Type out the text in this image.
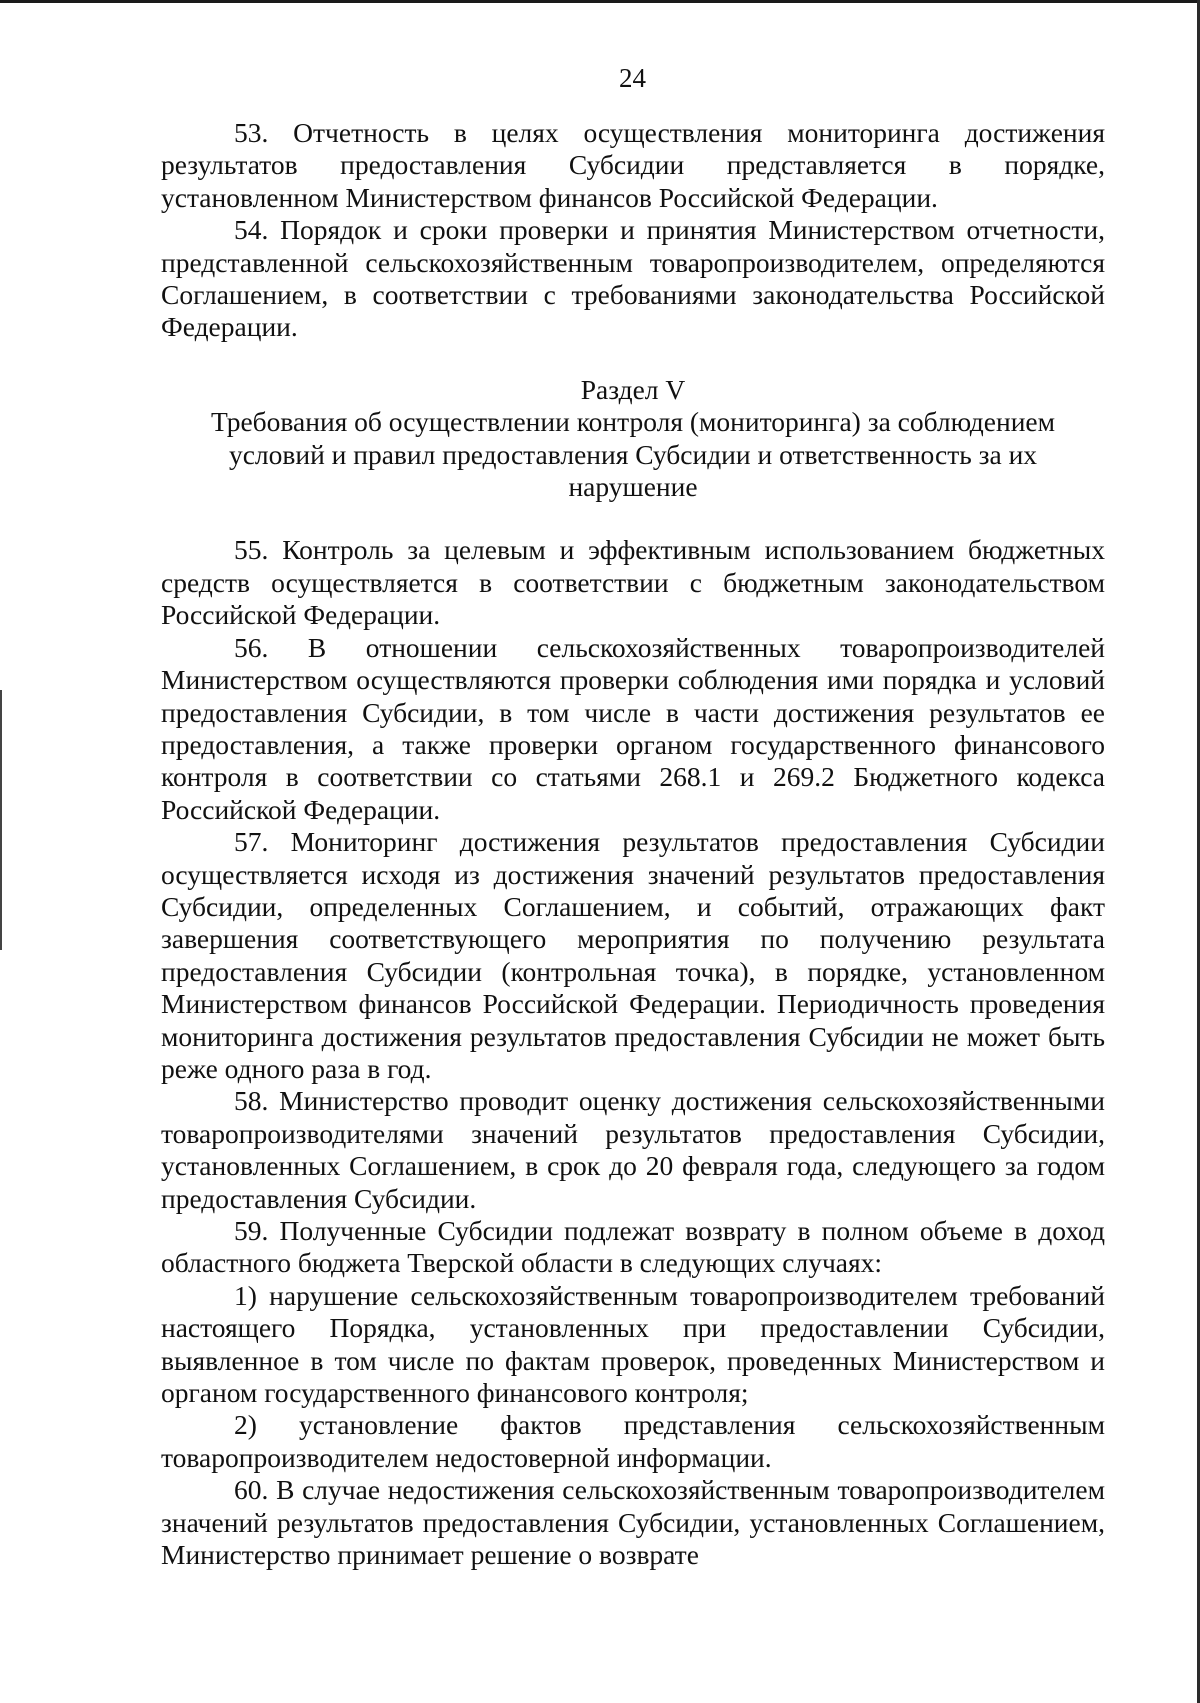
24

53. Отчетность в целях осуществления мониторинга достижения результатов предоставления Субсидии представляется в порядке, установленном Министерством финансов Российской Федерации.

54. Порядок и сроки проверки и принятия Министерством отчетности, представленной сельскохозяйственным товаропроизводителем, определяются Соглашением, в соответствии с требованиями законодательства Российской Федерации.

Раздел V

Требования об осуществлении контроля (мониторинга) за соблюдением условий и правил предоставления Субсидии и ответственность за их нарушение

55. Контроль за целевым и эффективным использованием бюджетных средств осуществляется в соответствии с бюджетным законодательством Российской Федерации.

56. В отношении сельскохозяйственных товаропроизводителей Министерством осуществляются проверки соблюдения ими порядка и условий предоставления Субсидии, в том числе в части достижения результатов ее предоставления, а также проверки органом государственного финансового контроля в соответствии со статьями 268.1 и 269.2 Бюджетного кодекса Российской Федерации.

57. Мониторинг достижения результатов предоставления Субсидии осуществляется исходя из достижения значений результатов предоставления Субсидии, определенных Соглашением, и событий, отражающих факт завершения соответствующего мероприятия по получению результата предоставления Субсидии (контрольная точка), в порядке, установленном Министерством финансов Российской Федерации. Периодичность проведения мониторинга достижения результатов предоставления Субсидии не может быть реже одного раза в год.

58. Министерство проводит оценку достижения сельскохозяйственными товаропроизводителями значений результатов предоставления Субсидии, установленных Соглашением, в срок до 20 февраля года, следующего за годом предоставления Субсидии.

59. Полученные Субсидии подлежат возврату в полном объеме в доход областного бюджета Тверской области в следующих случаях:

1) нарушение сельскохозяйственным товаропроизводителем требований настоящего Порядка, установленных при предоставлении Субсидии, выявленное в том числе по фактам проверок, проведенных Министерством и органом государственного финансового контроля;

2) установление фактов представления сельскохозяйственным товаропроизводителем недостоверной информации.

60. В случае недостижения сельскохозяйственным товаропроизводителем значений результатов предоставления Субсидии, установленных Соглашением, Министерство принимает решение о возврате
